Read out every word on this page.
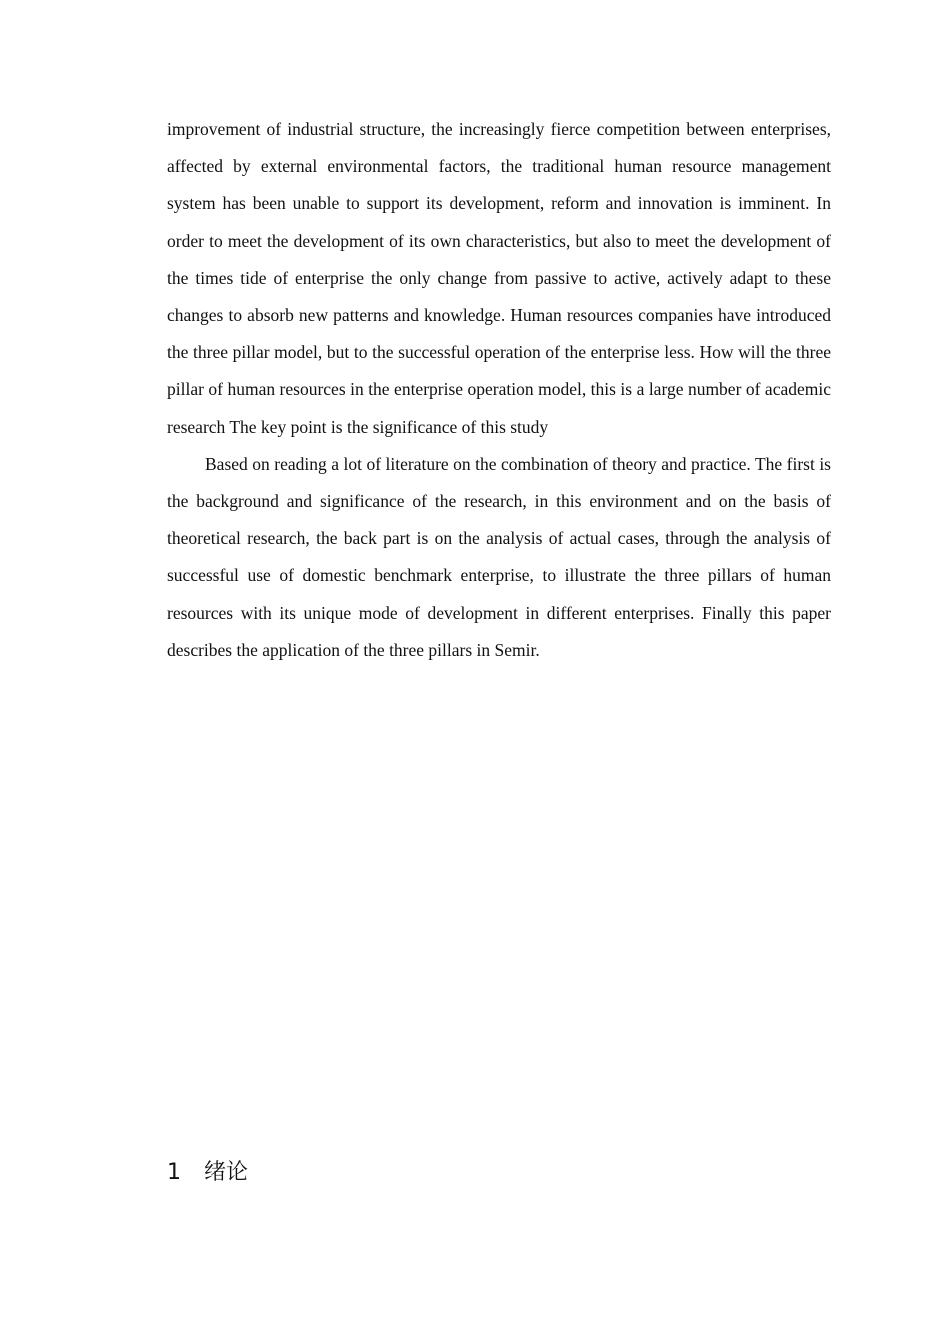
improvement of industrial structure, the increasingly fierce competition between enterprises, affected by external environmental factors, the traditional human resource management system has been unable to support its development, reform and innovation is imminent. In order to meet the development of its own characteristics, but also to meet the development of the times tide of enterprise the only change from passive to active, actively adapt to these changes to absorb new patterns and knowledge. Human resources companies have introduced the three pillar model, but to the successful operation of the enterprise less. How will the three pillar of human resources in the enterprise operation model, this is a large number of academic research The key point is the significance of this study

Based on reading a lot of literature on the combination of theory and practice. The first is the background and significance of the research, in this environment and on the basis of theoretical research, the back part is on the analysis of actual cases, through the analysis of successful use of domestic benchmark enterprise, to illustrate the three pillars of human resources with its unique mode of development in different enterprises. Finally this paper describes the application of the three pillars in Semir.

1 绪论
